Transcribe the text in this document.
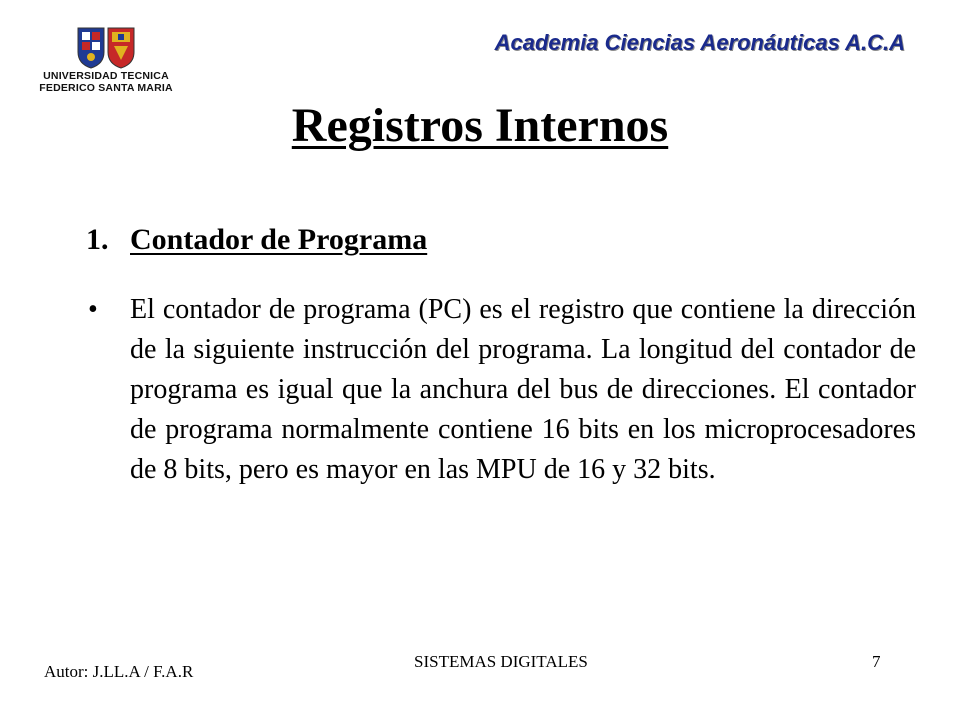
UNIVERSIDAD TECNICA
FEDERICO SANTA MARIA
Academia Ciencias Aeronáuticas A.C.A
Registros Internos
1. Contador de Programa
• El contador de programa (PC) es el registro que contiene la dirección de la siguiente instrucción del programa. La longitud del contador de programa es igual que la anchura del bus de direcciones. El contador de programa normalmente contiene 16 bits en los microprocesadores de 8 bits, pero es mayor en las MPU de 16 y 32 bits.
Autor: J.LL.A / F.A.R
SISTEMAS DIGITALES	7
